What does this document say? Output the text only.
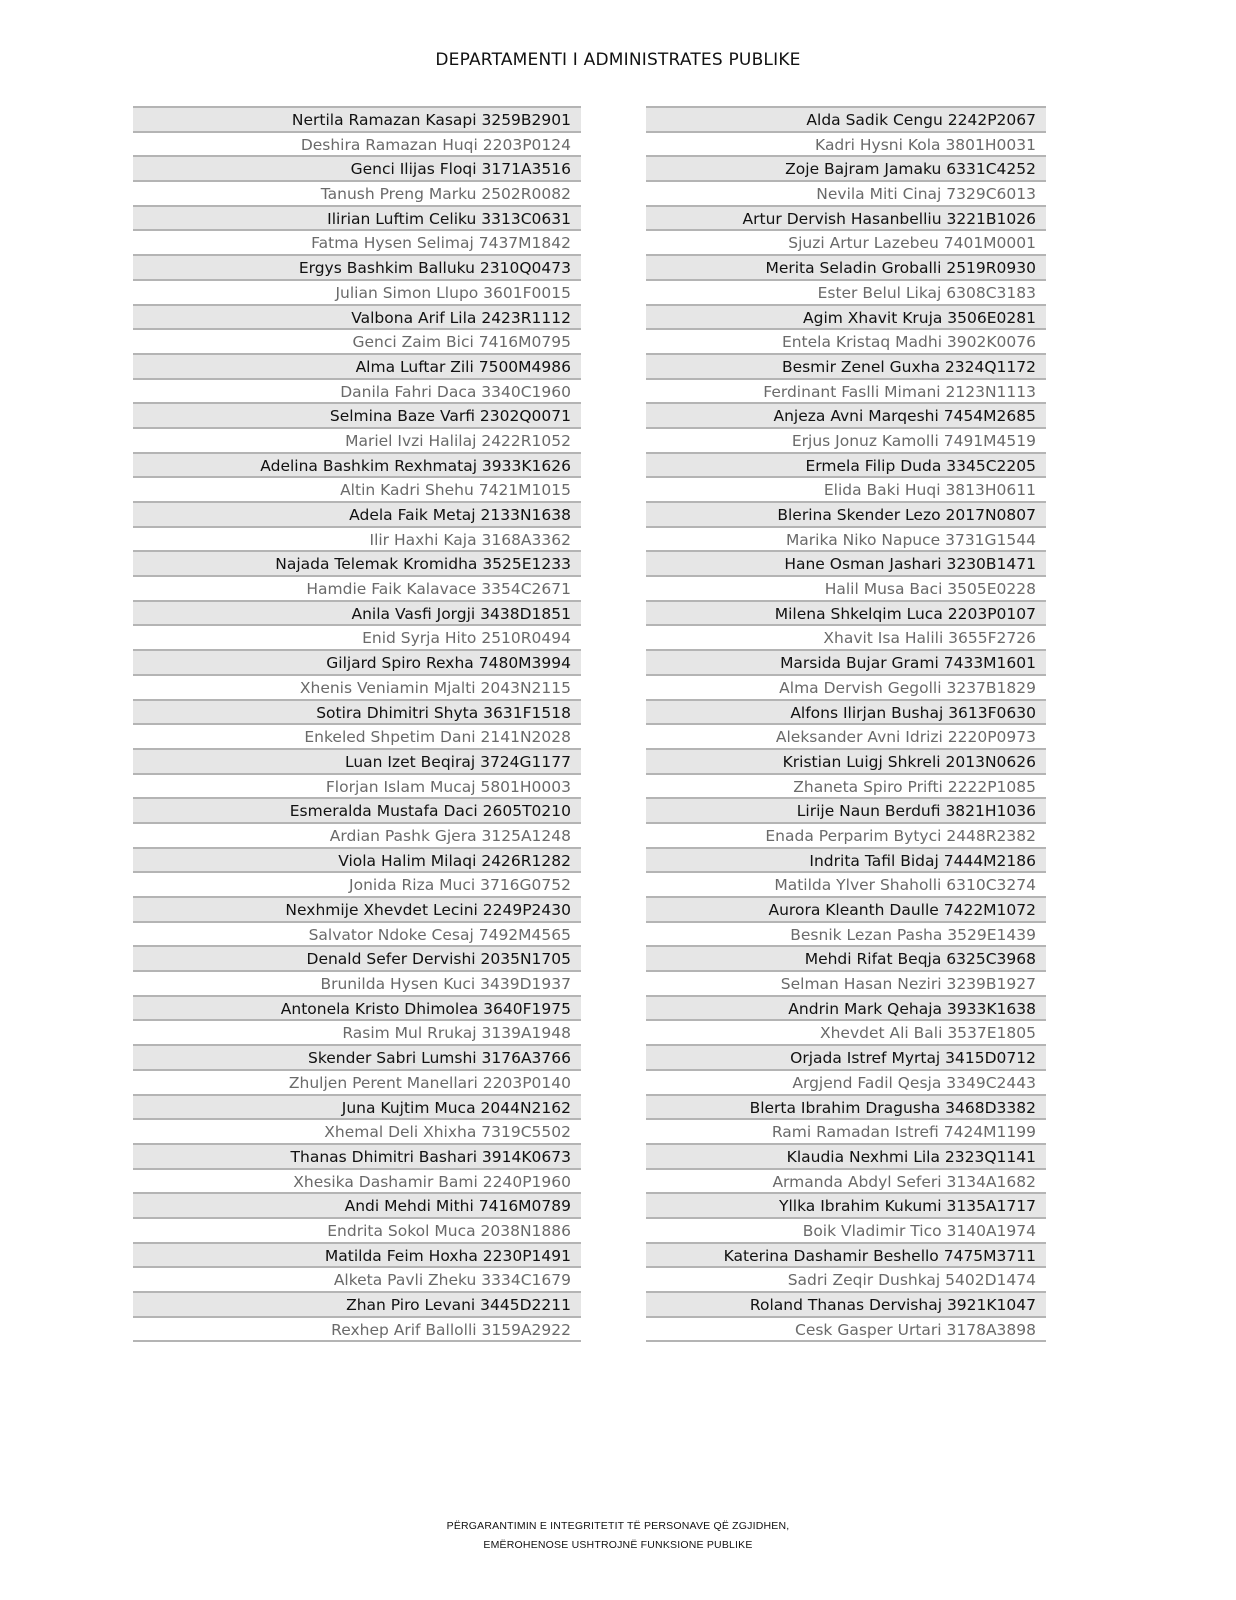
DEPARTAMENTI I ADMINISTRATES PUBLIKE
Nertila Ramazan Kasapi 3259B2901
Deshira Ramazan Huqi 2203P0124
Genci Ilijas Floqi 3171A3516
Tanush Preng Marku 2502R0082
Ilirian Luftim Celiku 3313C0631
Fatma Hysen Selimaj 7437M1842
Ergys Bashkim Balluku 2310Q0473
Julian Simon Llupo 3601F0015
Valbona Arif Lila 2423R1112
Genci Zaim Bici 7416M0795
Alma Luftar Zili 7500M4986
Danila Fahri Daca 3340C1960
Selmina Baze Varfi 2302Q0071
Mariel Ivzi Halilaj 2422R1052
Adelina Bashkim Rexhmataj 3933K1626
Altin Kadri Shehu 7421M1015
Adela Faik Metaj 2133N1638
Ilir Haxhi Kaja 3168A3362
Najada Telemak Kromidha 3525E1233
Hamdie Faik Kalavace 3354C2671
Anila Vasfi Jorgji 3438D1851
Enid Syrja Hito 2510R0494
Giljard Spiro Rexha 7480M3994
Xhenis Veniamin Mjalti 2043N2115
Sotira Dhimitri Shyta 3631F1518
Enkeled Shpetim Dani 2141N2028
Luan Izet Beqiraj 3724G1177
Florjan Islam Mucaj 5801H0003
Esmeralda Mustafa Daci 2605T0210
Ardian Pashk Gjera 3125A1248
Viola Halim Milaqi 2426R1282
Jonida Riza Muci 3716G0752
Nexhmije Xhevdet Lecini 2249P2430
Salvator Ndoke Cesaj 7492M4565
Denald Sefer Dervishi 2035N1705
Brunilda Hysen Kuci 3439D1937
Antonela Kristo Dhimolea 3640F1975
Rasim Mul Rrukaj 3139A1948
Skender Sabri Lumshi 3176A3766
Zhuljen Perent Manellari 2203P0140
Juna Kujtim Muca 2044N2162
Xhemal Deli Xhixha 7319C5502
Thanas Dhimitri Bashari 3914K0673
Xhesika Dashamir Bami 2240P1960
Andi Mehdi Mithi 7416M0789
Endrita Sokol Muca 2038N1886
Matilda Feim Hoxha 2230P1491
Alketa Pavli Zheku 3334C1679
Zhan Piro Levani 3445D2211
Rexhep Arif Ballolli 3159A2922
Alda Sadik Cengu 2242P2067
Kadri Hysni Kola 3801H0031
Zoje Bajram Jamaku 6331C4252
Nevila Miti Cinaj 7329C6013
Artur Dervish Hasanbelliu 3221B1026
Sjuzi Artur Lazebeu 7401M0001
Merita Seladin Groballi 2519R0930
Ester Belul Likaj 6308C3183
Agim Xhavit Kruja 3506E0281
Entela Kristaq Madhi 3902K0076
Besmir Zenel Guxha 2324Q1172
Ferdinant Faslli Mimani 2123N1113
Anjeza Avni Marqeshi 7454M2685
Erjus Jonuz Kamolli 7491M4519
Ermela Filip Duda 3345C2205
Elida Baki Huqi 3813H0611
Blerina Skender Lezo 2017N0807
Marika Niko Napuce 3731G1544
Hane Osman Jashari 3230B1471
Halil Musa Baci 3505E0228
Milena Shkelqim Luca 2203P0107
Xhavit Isa Halili 3655F2726
Marsida Bujar Grami 7433M1601
Alma Dervish Gegolli 3237B1829
Alfons Ilirjan Bushaj 3613F0630
Aleksander Avni Idrizi 2220P0973
Kristian Luigj Shkreli 2013N0626
Zhaneta Spiro Prifti 2222P1085
Lirije Naun Berdufi 3821H1036
Enada Perparim Bytyci 2448R2382
Indrita Tafil Bidaj 7444M2186
Matilda Ylver Shaholli 6310C3274
Aurora Kleanth Daulle 7422M1072
Besnik Lezan Pasha 3529E1439
Mehdi Rifat Beqja 6325C3968
Selman Hasan Neziri 3239B1927
Andrin Mark Qehaja 3933K1638
Xhevdet Ali Bali 3537E1805
Orjada Istref Myrtaj 3415D0712
Argjend Fadil Qesja 3349C2443
Blerta Ibrahim Dragusha 3468D3382
Rami Ramadan Istrefi 7424M1199
Klaudia Nexhmi Lila 2323Q1141
Armanda Abdyl Seferi 3134A1682
Yllka Ibrahim Kukumi 3135A1717
Boik Vladimir Tico 3140A1974
Katerina Dashamir Beshello 7475M3711
Sadri Zeqir Dushkaj 5402D1474
Roland Thanas Dervishaj 3921K1047
Cesk Gasper Urtari 3178A3898
PËRGARANTIMIN E INTEGRITETIT TË PERSONAVE QË ZGJIDHEN,
EMËROHENOSE USHTROJNË FUNKSIONE PUBLIKE
